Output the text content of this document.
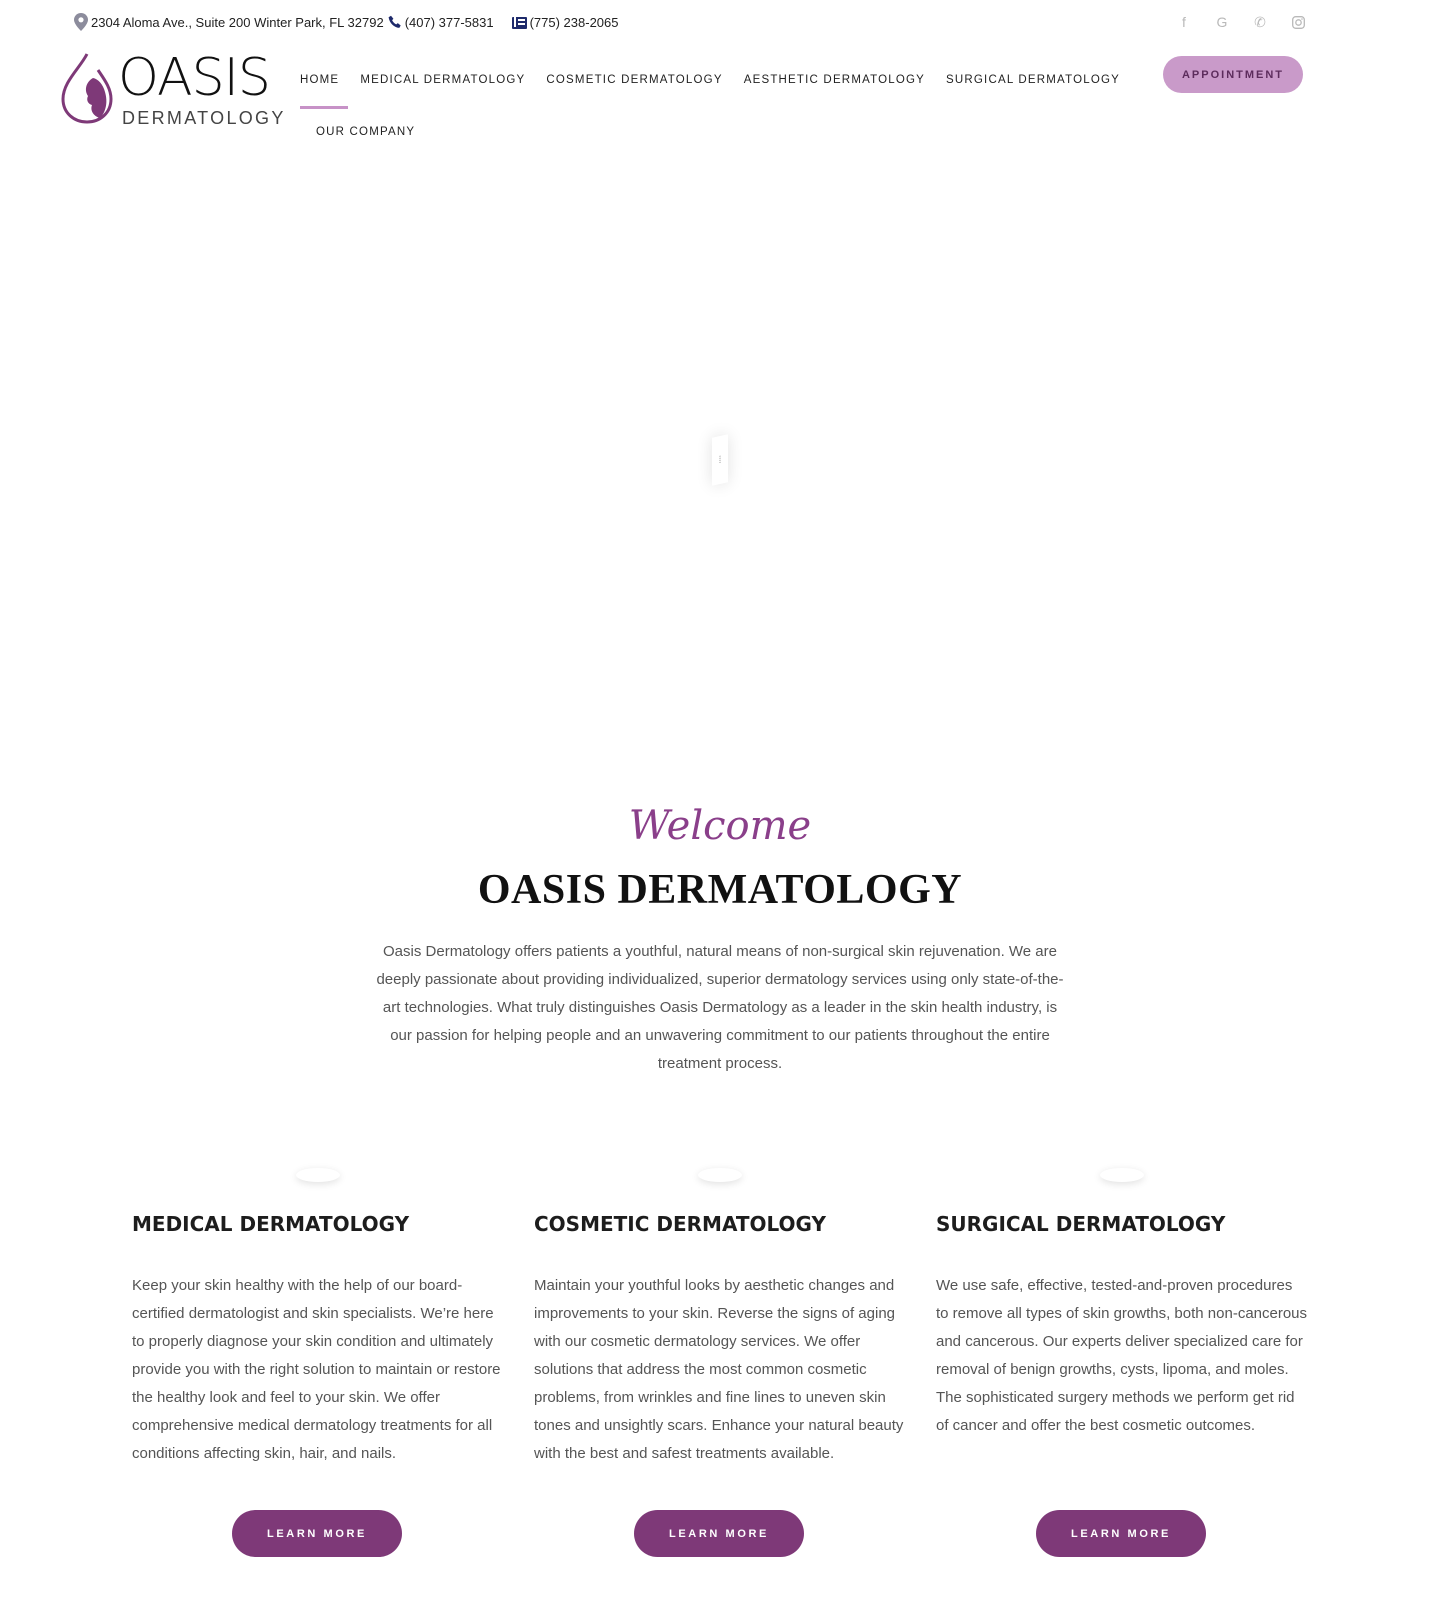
2304 Aloma Ave., Suite 200 Winter Park, FL 32792 (407) 377-5831	(775) 238-2065	f	G ✆
OASIS
DERMATOLOGY
HOME MEDICAL DERMATOLOGY COSMETIC DERMATOLOGY AESTHETIC DERMATOLOGY SURGICAL DERMATOLOGY
OUR COMPANY
APPOINTMENT
⁞
Welcome
OASIS DERMATOLOGY

Oasis Dermatology offers patients a youthful, natural means of non-surgical skin rejuvenation. We are deeply passionate about providing individualized, superior dermatology services using only state-of-the-art technologies. What truly distinguishes Oasis Dermatology as a leader in the skin health industry, is our passion for helping people and an unwavering commitment to our patients throughout the entire treatment process.

MEDICAL DERMATOLOGY

Keep your skin healthy with the help of our board-certified dermatologist and skin specialists. We’re here to properly diagnose your skin condition and ultimately provide you with the right solution to maintain or restore the healthy look and feel to your skin. We offer comprehensive medical dermatology treatments for all conditions affecting skin, hair, and nails.

LEARN MORE
COSMETIC DERMATOLOGY

Maintain your youthful looks by aesthetic changes and improvements to your skin. Reverse the signs of aging with our cosmetic dermatology services. We offer solutions that address the most common cosmetic problems, from wrinkles and fine lines to uneven skin tones and unsightly scars. Enhance your natural beauty with the best and safest treatments available.

LEARN MORE
SURGICAL DERMATOLOGY

We use safe, effective, tested-and-proven procedures to remove all types of skin growths, both non-cancerous and cancerous. Our experts deliver specialized care for removal of benign growths, cysts, lipoma, and moles. The sophisticated surgery methods we perform get rid of cancer and offer the best cosmetic outcomes.

LEARN MORE
